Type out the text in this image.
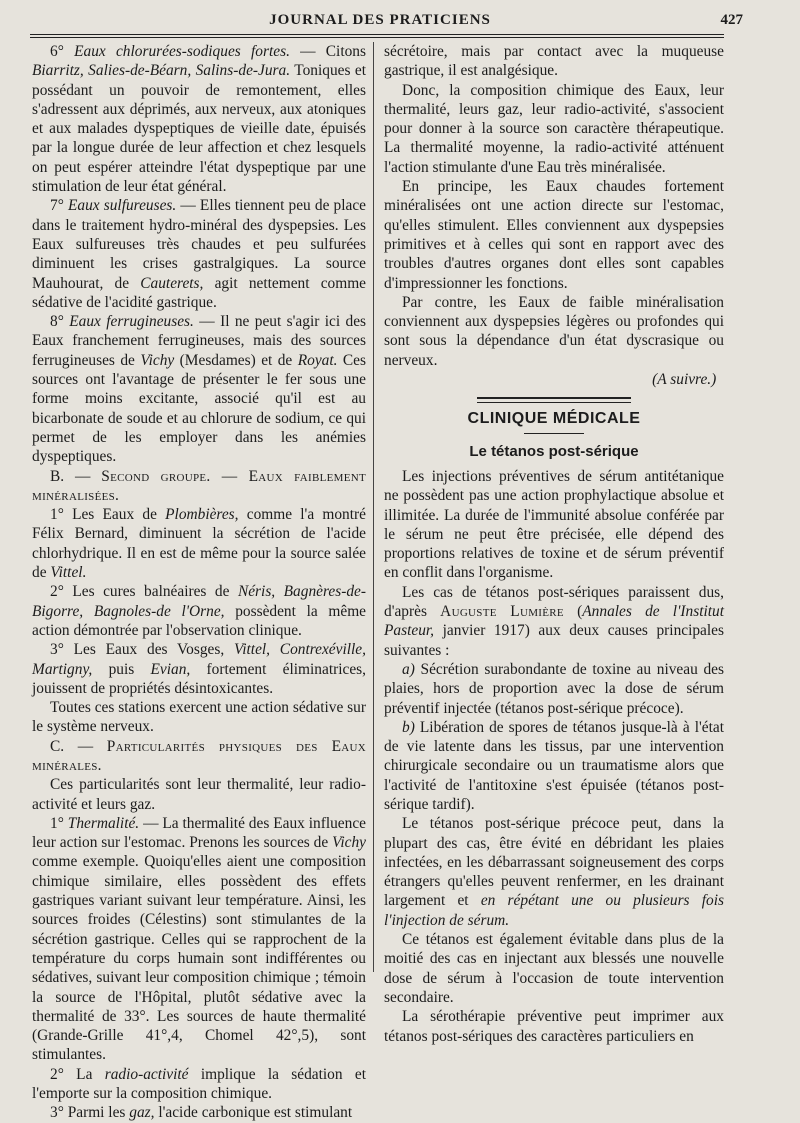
JOURNAL DES PRATICIENS	427

6° Eaux chlorurées-sodiques fortes. — Citons Biarritz, Salies-de-Béarn, Salins-de-Jura. Toniques et possédant un pouvoir de remontement, elles s'adressent aux déprimés, aux nerveux, aux atoniques et aux malades dyspeptiques de vieille date, épuisés par la longue durée de leur affection et chez lesquels on peut espérer atteindre l'état dyspeptique par une stimulation de leur état général.

7° Eaux sulfureuses. — Elles tiennent peu de place dans le traitement hydro-minéral des dyspepsies. Les Eaux sulfureuses très chaudes et peu sulfurées diminuent les crises gastralgiques. La source Mauhourat, de Cauterets, agit nettement comme sédative de l'acidité gastrique.

8° Eaux ferrugineuses. — Il ne peut s'agir ici des Eaux franchement ferrugineuses, mais des sources ferrugineuses de Vichy (Mesdames) et de Royat. Ces sources ont l'avantage de présenter le fer sous une forme moins excitante, associé qu'il est au bicarbonate de soude et au chlorure de sodium, ce qui permet de les employer dans les anémies dyspeptiques.

B. — Second groupe. — Eaux faiblement minéralisées.

1° Les Eaux de Plombières, comme l'a montré Félix Bernard, diminuent la sécrétion de l'acide chlorhydrique. Il en est de même pour la source salée de Vittel.

2° Les cures balnéaires de Néris, Bagnères-de-Bigorre, Bagnoles-de l'Orne, possèdent la même action démontrée par l'observation clinique.

3° Les Eaux des Vosges, Vittel, Contrexéville, Martigny, puis Evian, fortement éliminatrices, jouissent de propriétés désintoxicantes.

Toutes ces stations exercent une action sédative sur le système nerveux.

C. — Particularités physiques des Eaux minérales.

Ces particularités sont leur thermalité, leur radio-activité et leurs gaz.

1° Thermalité. — La thermalité des Eaux influence leur action sur l'estomac. Prenons les sources de Vichy comme exemple. Quoiqu'elles aient une composition chimique similaire, elles possèdent des effets gastriques variant suivant leur température. Ainsi, les sources froides (Célestins) sont stimulantes de la sécrétion gastrique. Celles qui se rapprochent de la température du corps humain sont indifférentes ou sédatives, suivant leur composition chimique ; témoin la source de l'Hôpital, plutôt sédative avec la thermalité de 33°. Les sources de haute thermalité (Grande-Grille 41°,4, Chomel 42°,5), sont stimulantes.

2° La radio-activité implique la sédation et l'emporte sur la composition chimique.

3° Parmi les gaz, l'acide carbonique est stimulant

sécrétoire, mais par contact avec la muqueuse gastrique, il est analgésique.

Donc, la composition chimique des Eaux, leur thermalité, leurs gaz, leur radio-activité, s'associent pour donner à la source son caractère thérapeutique. La thermalité moyenne, la radio-activité atténuent l'action stimulante d'une Eau très minéralisée.

En principe, les Eaux chaudes fortement minéralisées ont une action directe sur l'estomac, qu'elles stimulent. Elles conviennent aux dyspepsies primitives et à celles qui sont en rapport avec des troubles d'autres organes dont elles sont capables d'impressionner les fonctions.

Par contre, les Eaux de faible minéralisation conviennent aux dyspepsies légères ou profondes qui sont sous la dépendance d'un état dyscrasique ou nerveux.

(A suivre.)

CLINIQUE MÉDICALE
Le tétanos post-sérique

Les injections préventives de sérum antitétanique ne possèdent pas une action prophylactique absolue et illimitée. La durée de l'immunité absolue conférée par le sérum ne peut être précisée, elle dépend des proportions relatives de toxine et de sérum préventif en conflit dans l'organisme.

Les cas de tétanos post-sériques paraissent dus, d'après Auguste Lumière (Annales de l'Institut Pasteur, janvier 1917) aux deux causes principales suivantes :

a) Sécrétion surabondante de toxine au niveau des plaies, hors de proportion avec la dose de sérum préventif injectée (tétanos post-sérique précoce).

b) Libération de spores de tétanos jusque-là à l'état de vie latente dans les tissus, par une intervention chirurgicale secondaire ou un traumatisme alors que l'activité de l'antitoxine s'est épuisée (tétanos post-sérique tardif).

Le tétanos post-sérique précoce peut, dans la plupart des cas, être évité en débridant les plaies infectées, en les débarrassant soigneusement des corps étrangers qu'elles peuvent renfermer, en les drainant largement et en répétant une ou plusieurs fois l'injection de sérum.

Ce tétanos est également évitable dans plus de la moitié des cas en injectant aux blessés une nouvelle dose de sérum à l'occasion de toute intervention secondaire.

La sérothérapie préventive peut imprimer aux tétanos post-sériques des caractères particuliers en
